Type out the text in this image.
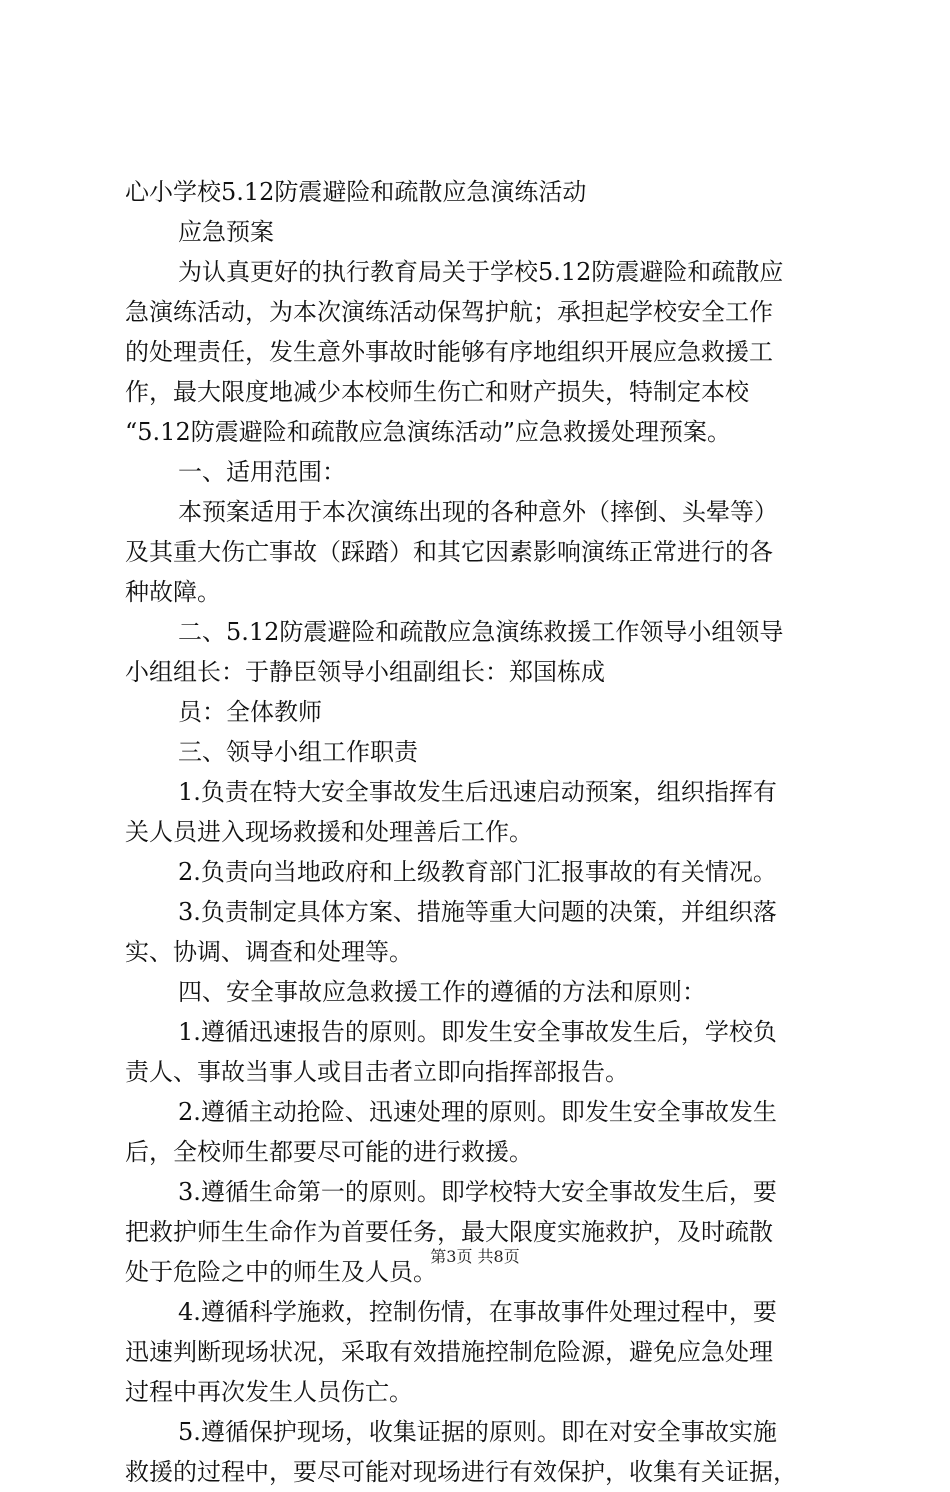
心小学校5.12防震避险和疏散应急演练活动
应急预案
为认真更好的执行教育局关于学校5.12防震避险和疏散应
急演练活动，为本次演练活动保驾护航；承担起学校安全工作
的处理责任，发生意外事故时能够有序地组织开展应急救援工
作，最大限度地减少本校师生伤亡和财产损失，特制定本校
“5.12防震避险和疏散应急演练活动”应急救援处理预案。
一、适用范围：
本预案适用于本次演练出现的各种意外（摔倒、头晕等）
及其重大伤亡事故（踩踏）和其它因素影响演练正常进行的各
种故障。
二、5.12防震避险和疏散应急演练救援工作领导小组领导
小组组长：于静臣领导小组副组长：郑国栋成
员：全体教师
三、领导小组工作职责
1.负责在特大安全事故发生后迅速启动预案，组织指挥有
关人员进入现场救援和处理善后工作。
2.负责向当地政府和上级教育部门汇报事故的有关情况。
3.负责制定具体方案、措施等重大问题的决策，并组织落
实、协调、调查和处理等。
四、安全事故应急救援工作的遵循的方法和原则：
1.遵循迅速报告的原则。即发生安全事故发生后，学校负
责人、事故当事人或目击者立即向指挥部报告。
2.遵循主动抢险、迅速处理的原则。即发生安全事故发生
后，全校师生都要尽可能的进行救援。
3.遵循生命第一的原则。即学校特大安全事故发生后，要
把救护师生生命作为首要任务，最大限度实施救护，及时疏散
处于危险之中的师生及人员。
4.遵循科学施救，控制伤情，在事故事件处理过程中，要
迅速判断现场状况，采取有效措施控制危险源，避免应急处理
过程中再次发生人员伤亡。
5.遵循保护现场，收集证据的原则。即在对安全事故实施
救援的过程中，要尽可能对现场进行有效保护，收集有关证据，
第3页 共8页
